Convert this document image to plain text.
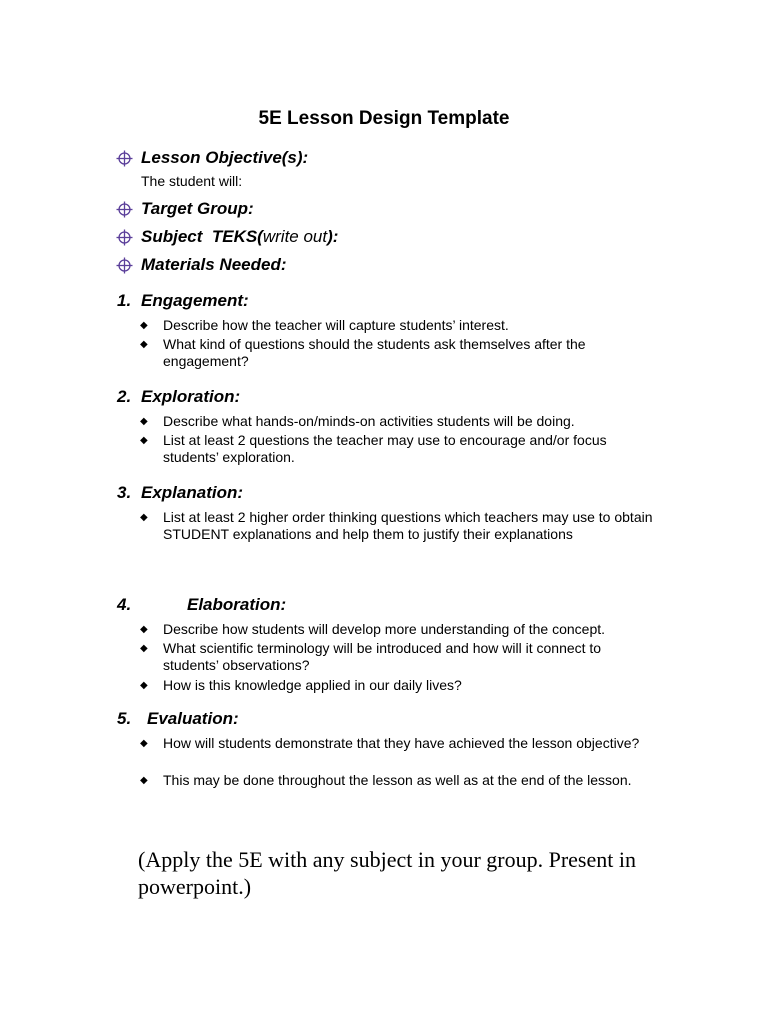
5E Lesson Design Template
Lesson Objective(s):
The student will:
Target Group:
Subject  TEKS(write out):
Materials Needed:
1. Engagement:
◆	Describe how the teacher will capture students’ interest.
◆	What kind of questions should the students ask themselves after the engagement?
2. Exploration:
◆	Describe what hands-on/minds-on activities students will be doing.
◆	List at least 2 questions the teacher may use to encourage and/or focus students’ exploration.
3. Explanation:
◆	List at least 2 higher order thinking questions which teachers may use to obtain STUDENT explanations and help them to justify their explanations
4.	Elaboration:
◆	Describe how students will develop more understanding of the concept.
◆	What scientific terminology will be introduced and how will it connect to students’ observations?
◆	How is this knowledge applied in our daily lives?
5. Evaluation:
◆	How will students demonstrate that they have achieved the lesson objective?
◆	This may be done throughout the lesson as well as at the end of the lesson.
(Apply the 5E with any subject in your group. Present in powerpoint.)
